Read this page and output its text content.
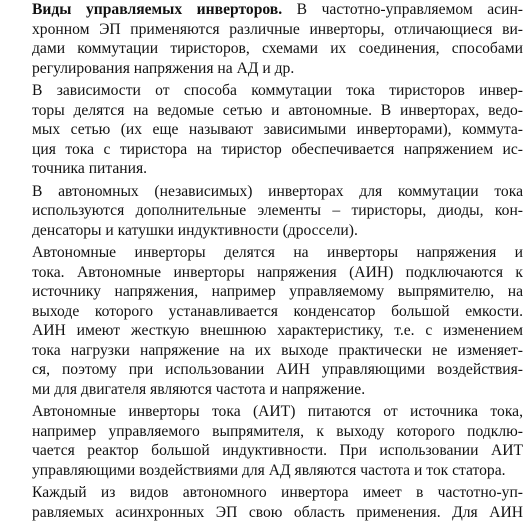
Виды управляемых инверторов. В частотно-управляемом асин-
хронном ЭП применяются различные инверторы, отличающиеся ви-
дами коммутации тиристоров, схемами их соединения, способами
регулирования напряжения на АД и др.

В зависимости от способа коммутации тока тиристоров инвер-
торы делятся на ведомые сетью и автономные. В инверторах, ведо-
мых сетью (их еще называют зависимыми инверторами), коммута-
ция тока с тиристора на тиристор обеспечивается напряжением ис-
точника питания.

В автономных (независимых) инверторах для коммутации тока
используются дополнительные элементы – тиристоры, диоды, кон-
денсаторы и катушки индуктивности (дроссели).

Автономные инверторы делятся на инверторы напряжения и
тока. Автономные инверторы напряжения (АИН) подключаются к
источнику напряжения, например управляемому выпрямителю, на
выходе которого устанавливается конденсатор большой емкости.
АИН имеют жесткую внешнюю характеристику, т.е. с изменением
тока нагрузки напряжение на их выходе практически не изменяет-
ся, поэтому при использовании АИН управляющими воздействия-
ми для двигателя являются частота и напряжение.

Автономные инверторы тока (АИТ) питаются от источника тока,
например управляемого выпрямителя, к выходу которого подклю-
чается реактор большой индуктивности. При использовании АИТ
управляющими воздействиями для АД являются частота и ток статора.

Каждый из видов автономного инвертора имеет в частотно-уп-
равляемых асинхронных ЭП свою область применения. Для АИН
